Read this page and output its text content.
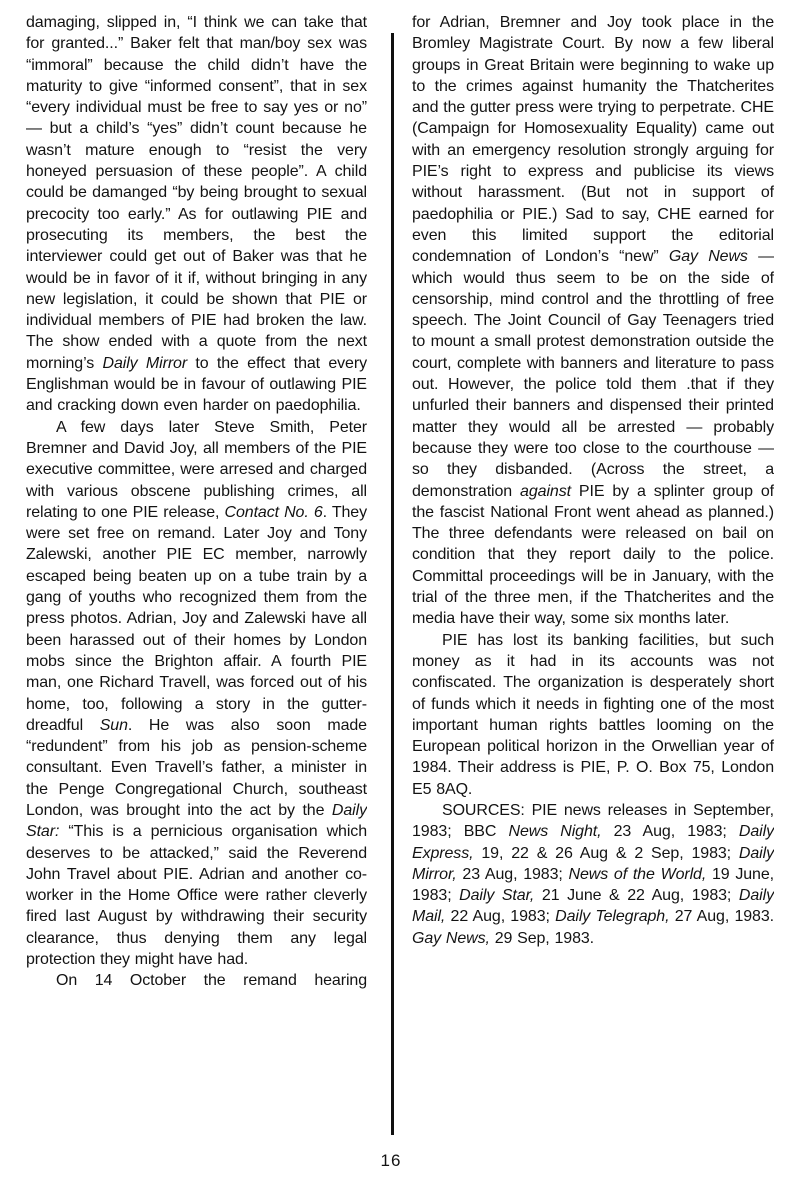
damaging, slipped in, “I think we can take that for granted...” Baker felt that man/boy sex was “immoral” because the child didn’t have the maturity to give “informed consent”, that in sex “every individual must be free to say yes or no” — but a child’s “yes” didn’t count because he wasn’t mature enough to “resist the very honeyed persuasion of these people”. A child could be damanged “by being brought to sexual precocity too early.” As for outlawing PIE and prosecuting its members, the best the interviewer could get out of Baker was that he would be in favor of it if, without bringing in any new legislation, it could be shown that PIE or individual members of PIE had broken the law. The show ended with a quote from the next morning’s Daily Mirror to the effect that every Englishman would be in favour of outlawing PIE and cracking down even harder on paedophilia.

A few days later Steve Smith, Peter Bremner and David Joy, all members of the PIE executive committee, were arresed and charged with various obscene publishing crimes, all relating to one PIE release, Contact No. 6. They were set free on remand. Later Joy and Tony Zalewski, another PIE EC member, narrowly escaped being beaten up on a tube train by a gang of youths who recognized them from the press photos. Adrian, Joy and Zalewski have all been harassed out of their homes by London mobs since the Brighton affair. A fourth PIE man, one Richard Travell, was forced out of his home, too, following a story in the gutter-dreadful Sun. He was also soon made “redundent” from his job as pension-scheme consultant. Even Travell’s father, a minister in the Penge Congregational Church, southeast London, was brought into the act by the Daily Star: “This is a pernicious organisation which deserves to be attacked,” said the Reverend John Travel about PIE. Adrian and another co-worker in the Home Office were rather cleverly fired last August by withdrawing their security clearance, thus denying them any legal protection they might have had.

On 14 October the remand hearing

for Adrian, Bremner and Joy took place in the Bromley Magistrate Court. By now a few liberal groups in Great Britain were beginning to wake up to the crimes against humanity the Thatcherites and the gutter press were trying to perpetrate. CHE (Campaign for Homosexuality Equality) came out with an emergency resolution strongly arguing for PIE’s right to express and publicise its views without harassment. (But not in support of paedophilia or PIE.) Sad to say, CHE earned for even this limited support the editorial condemnation of London’s “new” Gay News — which would thus seem to be on the side of censorship, mind control and the throttling of free speech. The Joint Council of Gay Teenagers tried to mount a small protest demonstration outside the court, complete with banners and literature to pass out. However, the police told them .that if they unfurled their banners and dispensed their printed matter they would all be arrested — probably because they were too close to the courthouse — so they disbanded. (Across the street, a demonstration against PIE by a splinter group of the fascist National Front went ahead as planned.) The three defendants were released on bail on condition that they report daily to the police. Committal proceedings will be in January, with the trial of the three men, if the Thatcherites and the media have their way, some six months later.

PIE has lost its banking facilities, but such money as it had in its accounts was not confiscated. The organization is desperately short of funds which it needs in fighting one of the most important human rights battles looming on the European political horizon in the Orwellian year of 1984. Their address is PIE, P. O. Box 75, London E5 8AQ.

SOURCES: PIE news releases in September, 1983; BBC News Night, 23 Aug, 1983; Daily Express, 19, 22 & 26 Aug & 2 Sep, 1983; Daily Mirror, 23 Aug, 1983; News of the World, 19 June, 1983; Daily Star, 21 June & 22 Aug, 1983; Daily Mail, 22 Aug, 1983; Daily Telegraph, 27 Aug, 1983. Gay News, 29 Sep, 1983.

16
